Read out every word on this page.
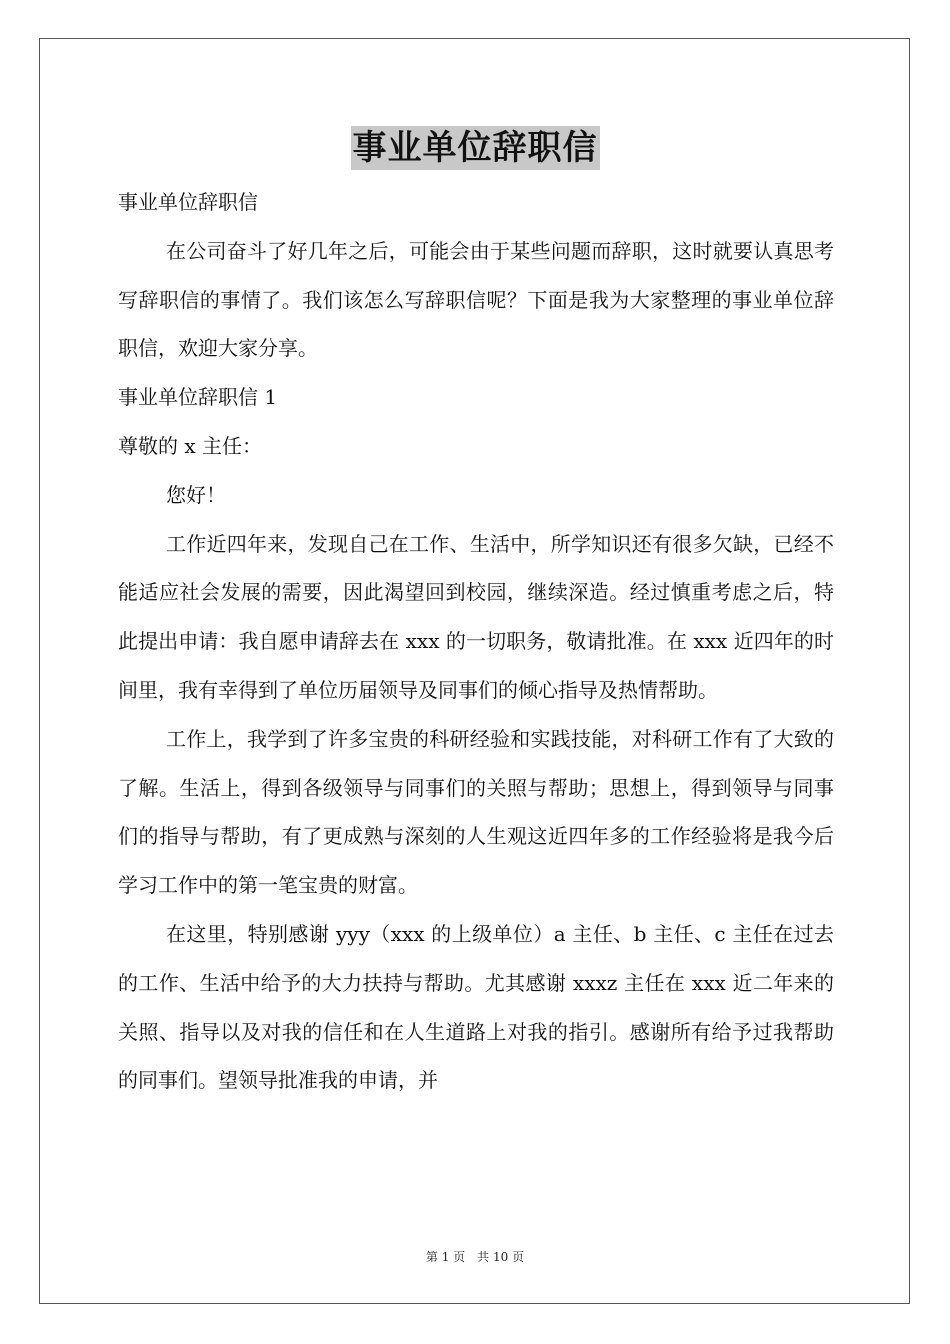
事业单位辞职信

事业单位辞职信

在公司奋斗了好几年之后，可能会由于某些问题而辞职，这时就要认真思考写辞职信的事情了。我们该怎么写辞职信呢？下面是我为大家整理的事业单位辞职信，欢迎大家分享。

事业单位辞职信 1

尊敬的 x 主任：

您好！

工作近四年来，发现自己在工作、生活中，所学知识还有很多欠缺，已经不能适应社会发展的需要，因此渴望回到校园，继续深造。经过慎重考虑之后，特此提出申请：我自愿申请辞去在 xxx 的一切职务，敬请批准。在 xxx 近四年的时间里，我有幸得到了单位历届领导及同事们的倾心指导及热情帮助。

工作上，我学到了许多宝贵的科研经验和实践技能，对科研工作有了大致的了解。生活上，得到各级领导与同事们的关照与帮助；思想上，得到领导与同事们的指导与帮助，有了更成熟与深刻的人生观这近四年多的工作经验将是我今后学习工作中的第一笔宝贵的财富。

在这里，特别感谢 yyy（xxx 的上级单位）a 主任、b 主任、c 主任在过去的工作、生活中给予的大力扶持与帮助。尤其感谢 xxxz 主任在 xxx 近二年来的关照、指导以及对我的信任和在人生道路上对我的指引。感谢所有给予过我帮助的同事们。望领导批准我的申请，并

第 1 页　共 10 页
